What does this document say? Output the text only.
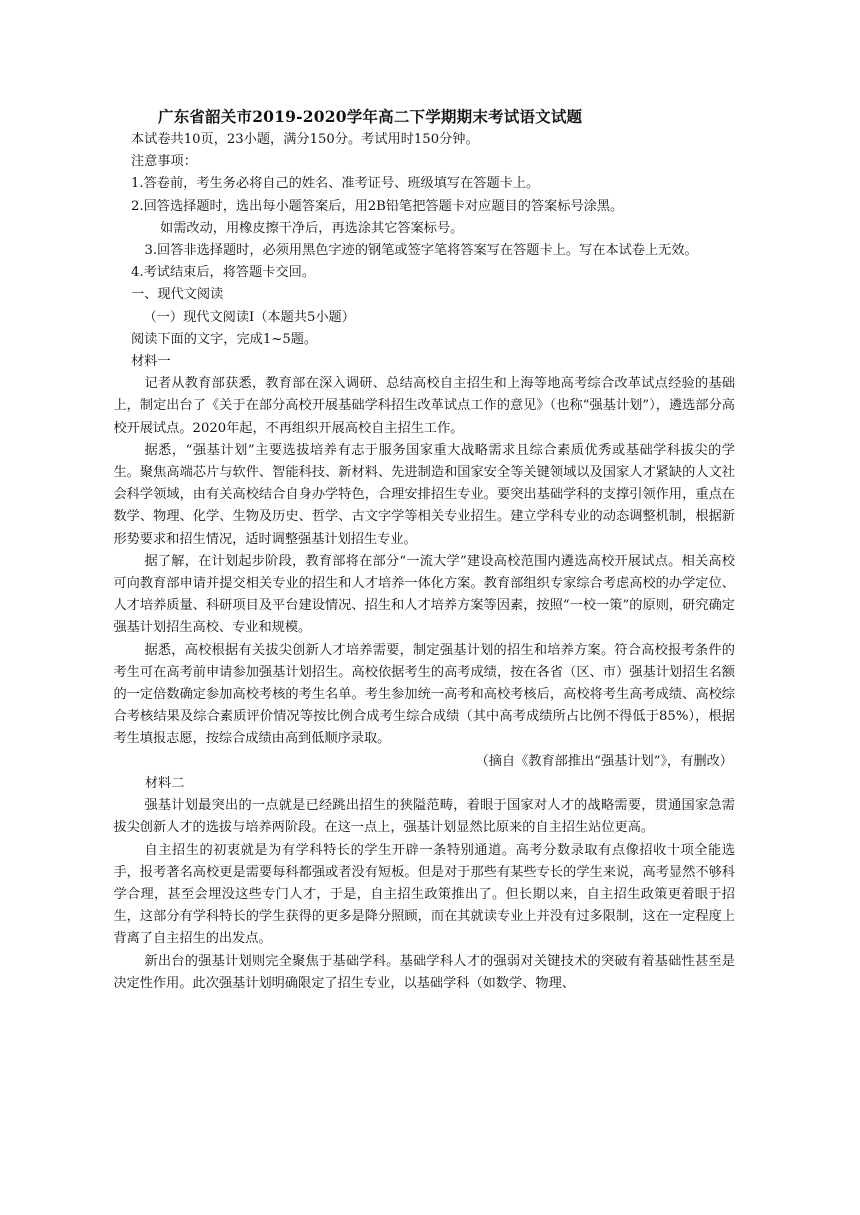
广东省韶关市2019-2020学年高二下学期期末考试语文试题

本试卷共10页，23小题，满分150分。考试用时150分钟。

注意事项：

1.答卷前，考生务必将自己的姓名、准考证号、班级填写在答题卡上。

2.回答选择题时，选出每小题答案后，用2B铅笔把答题卡对应题目的答案标号涂黑。

如需改动，用橡皮擦干净后，再选涂其它答案标号。

3.回答非选择题时，必须用黑色字迹的钢笔或签字笔将答案写在答题卡上。写在本试卷上无效。

4.考试结束后，将答题卡交回。

一、现代文阅读

（一）现代文阅读Ⅰ（本题共5小题）

阅读下面的文字，完成1~5题。

材料一

记者从教育部获悉，教育部在深入调研、总结高校自主招生和上海等地高考综合改革试点经验的基础上，制定出台了《关于在部分高校开展基础学科招生改革试点工作的意见》（也称“强基计划”），遴选部分高校开展试点。2020年起，不再组织开展高校自主招生工作。

据悉，“强基计划”主要选拔培养有志于服务国家重大战略需求且综合素质优秀或基础学科拔尖的学生。聚焦高端芯片与软件、智能科技、新材料、先进制造和国家安全等关键领域以及国家人才紧缺的人文社会科学领域，由有关高校结合自身办学特色，合理安排招生专业。要突出基础学科的支撑引领作用，重点在数学、物理、化学、生物及历史、哲学、古文字学等相关专业招生。建立学科专业的动态调整机制，根据新形势要求和招生情况，适时调整强基计划招生专业。

据了解，在计划起步阶段，教育部将在部分“一流大学”建设高校范围内遴选高校开展试点。相关高校可向教育部申请并提交相关专业的招生和人才培养一体化方案。教育部组织专家综合考虑高校的办学定位、人才培养质量、科研项目及平台建设情况、招生和人才培养方案等因素，按照“一校一策”的原则，研究确定强基计划招生高校、专业和规模。

据悉，高校根据有关拔尖创新人才培养需要，制定强基计划的招生和培养方案。符合高校报考条件的考生可在高考前申请参加强基计划招生。高校依据考生的高考成绩，按在各省（区、市）强基计划招生名额的一定倍数确定参加高校考核的考生名单。考生参加统一高考和高校考核后，高校将考生高考成绩、高校综合考核结果及综合素质评价情况等按比例合成考生综合成绩（其中高考成绩所占比例不得低于85%），根据考生填报志愿，按综合成绩由高到低顺序录取。

（摘自《教育部推出“强基计划”》，有删改）

材料二

强基计划最突出的一点就是已经跳出招生的狭隘范畴，着眼于国家对人才的战略需要，贯通国家急需拔尖创新人才的选拔与培养两阶段。在这一点上，强基计划显然比原来的自主招生站位更高。

自主招生的初衷就是为有学科特长的学生开辟一条特别通道。高考分数录取有点像招收十项全能选手，报考著名高校更是需要每科都强或者没有短板。但是对于那些有某些专长的学生来说，高考显然不够科学合理，甚至会埋没这些专门人才，于是，自主招生政策推出了。但长期以来，自主招生政策更着眼于招生，这部分有学科特长的学生获得的更多是降分照顾，而在其就读专业上并没有过多限制，这在一定程度上背离了自主招生的出发点。

新出台的强基计划则完全聚焦于基础学科。基础学科人才的强弱对关键技术的突破有着基础性甚至是决定性作用。此次强基计划明确限定了招生专业，以基础学科（如数学、物理、
